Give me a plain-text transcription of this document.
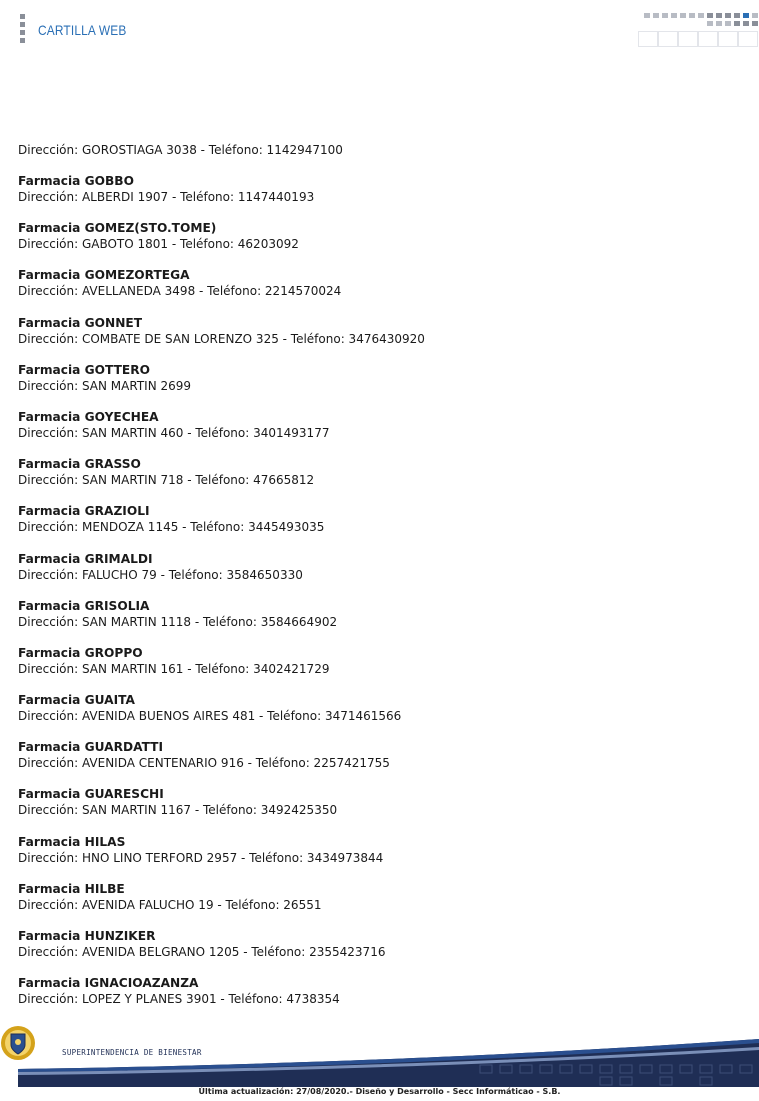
CARTILLA WEB
Dirección: GOROSTIAGA 3038 - Teléfono: 1142947100
Farmacia GOBBO
Dirección: ALBERDI 1907 - Teléfono: 1147440193
Farmacia GOMEZ(STO.TOME)
Dirección: GABOTO 1801 - Teléfono: 46203092
Farmacia GOMEZORTEGA
Dirección: AVELLANEDA 3498 - Teléfono: 2214570024
Farmacia GONNET
Dirección: COMBATE DE SAN LORENZO 325 - Teléfono: 3476430920
Farmacia GOTTERO
Dirección: SAN MARTIN 2699
Farmacia GOYECHEA
Dirección: SAN MARTIN 460 - Teléfono: 3401493177
Farmacia GRASSO
Dirección: SAN MARTIN 718 - Teléfono: 47665812
Farmacia GRAZIOLI
Dirección: MENDOZA 1145 - Teléfono: 3445493035
Farmacia GRIMALDI
Dirección: FALUCHO 79 - Teléfono: 3584650330
Farmacia GRISOLIA
Dirección: SAN MARTIN 1118 - Teléfono: 3584664902
Farmacia GROPPO
Dirección: SAN MARTIN 161 - Teléfono: 3402421729
Farmacia GUAITA
Dirección: AVENIDA BUENOS AIRES 481 - Teléfono: 3471461566
Farmacia GUARDATTI
Dirección: AVENIDA CENTENARIO 916 - Teléfono: 2257421755
Farmacia GUARESCHI
Dirección: SAN MARTIN 1167 - Teléfono: 3492425350
Farmacia HILAS
Dirección: HNO LINO TERFORD 2957 - Teléfono: 3434973844
Farmacia HILBE
Dirección: AVENIDA FALUCHO 19 - Teléfono: 26551
Farmacia HUNZIKER
Dirección: AVENIDA BELGRANO 1205 - Teléfono: 2355423716
Farmacia IGNACIOAZANZA
Dirección: LOPEZ Y PLANES 3901 - Teléfono: 4738354
SUPERINTENDENCIA DE BIENESTAR
Última actualización: 27/08/2020.- Diseño y Desarrollo - Secc Informáticao - S.B.
